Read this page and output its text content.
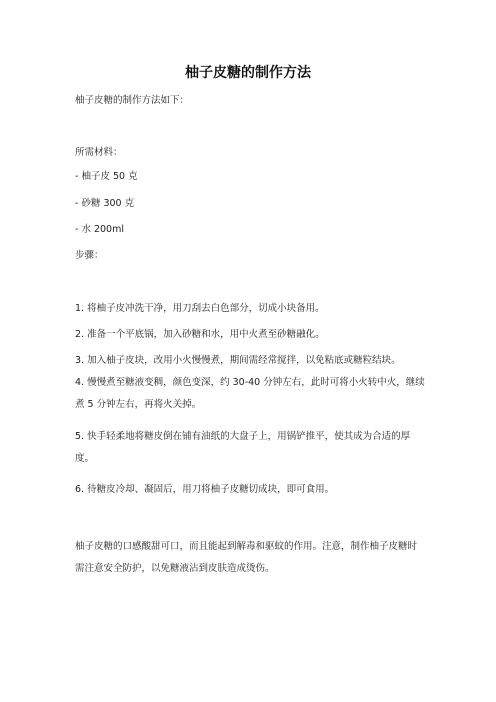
柚子皮糖的制作方法
柚子皮糖的制作方法如下：
所需材料：
- 柚子皮 50 克
- 砂糖 300 克
- 水 200ml
步骤：
1. 将柚子皮冲洗干净，用刀刮去白色部分，切成小块备用。
2. 准备一个平底锅，加入砂糖和水，用中火煮至砂糖融化。
3. 加入柚子皮块，改用小火慢慢煮，期间需经常搅拌，以免粘底或糖粒结块。
4. 慢慢煮至糖液变稠，颜色变深，约 30-40 分钟左右，此时可将小火转中火，继续煮 5 分钟左右，再将火关掉。
5. 快手轻柔地将糖皮倒在铺有油纸的大盘子上，用锅铲推平，使其成为合适的厚度。
6. 待糖皮冷却、凝固后，用刀将柚子皮糖切成块，即可食用。
柚子皮糖的口感酸甜可口，而且能起到解毒和驱蚊的作用。注意，制作柚子皮糖时需注意安全防护，以免糖液沾到皮肤造成烫伤。
